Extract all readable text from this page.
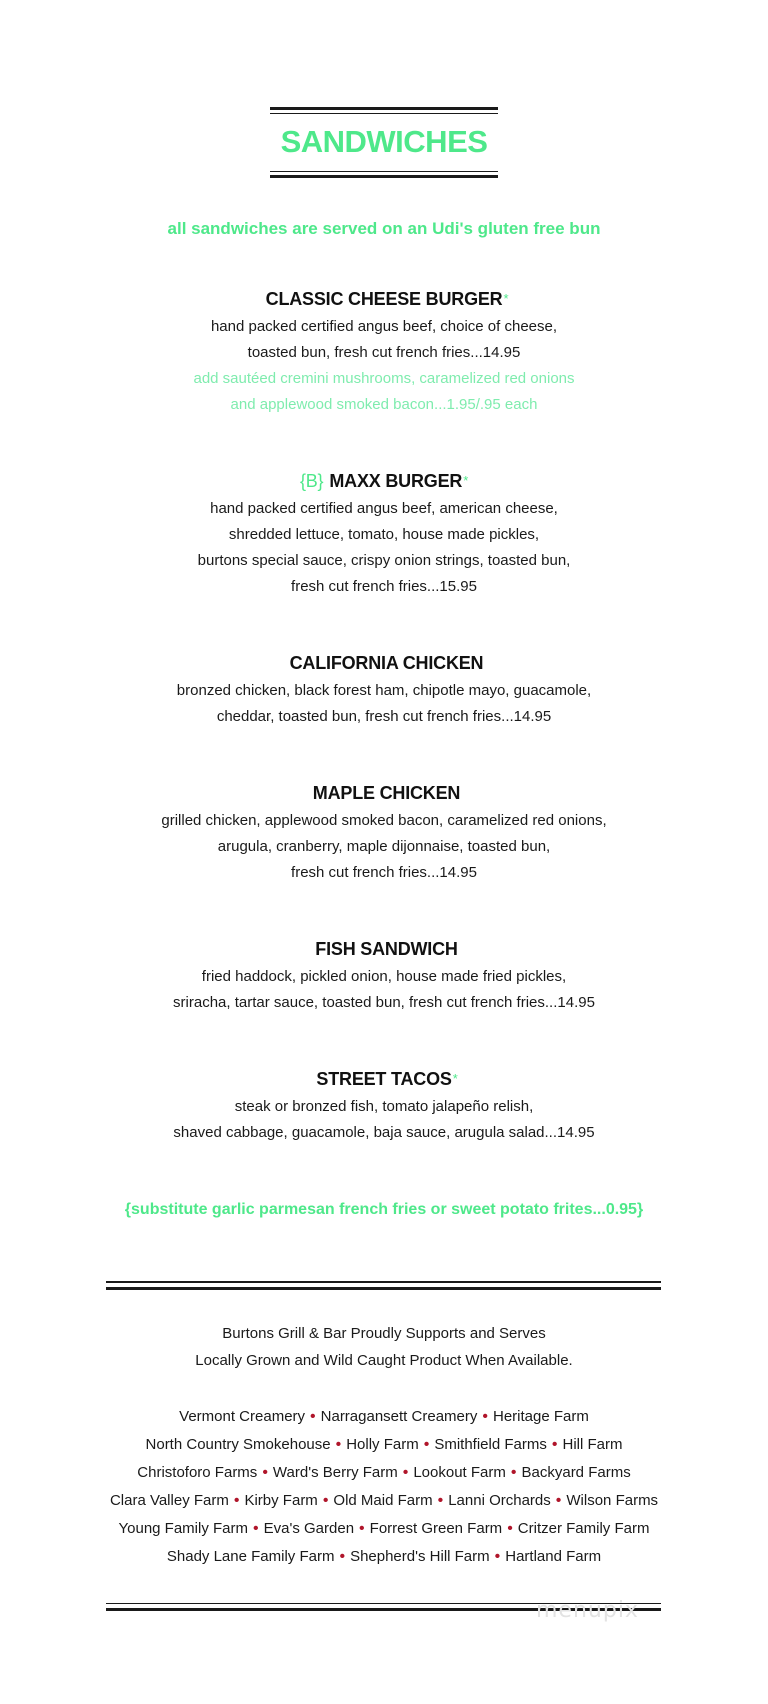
SANDWICHES
all sandwiches are served on an Udi's gluten free bun
CLASSIC CHEESE BURGER*
hand packed certified angus beef, choice of cheese,
toasted bun, fresh cut french fries...14.95
add sautéed cremini mushrooms, caramelized red onions
and applewood smoked bacon...1.95/.95 each
{B} MAXX BURGER*
hand packed certified angus beef, american cheese,
shredded lettuce, tomato, house made pickles,
burtons special sauce, crispy onion strings, toasted bun,
fresh cut french fries...15.95
CALIFORNIA CHICKEN
bronzed chicken, black forest ham, chipotle mayo, guacamole,
cheddar, toasted bun, fresh cut french fries...14.95
MAPLE CHICKEN
grilled chicken, applewood smoked bacon, caramelized red onions,
arugula, cranberry, maple dijonnaise, toasted bun,
fresh cut french fries...14.95
FISH SANDWICH
fried haddock, pickled onion, house made fried pickles,
sriracha, tartar sauce, toasted bun, fresh cut french fries...14.95
STREET TACOS*
steak or bronzed fish, tomato jalapeño relish,
shaved cabbage, guacamole, baja sauce, arugula salad...14.95
{substitute garlic parmesan french fries or sweet potato frites...0.95}
Burtons Grill & Bar Proudly Supports and Serves
Locally Grown and Wild Caught Product When Available.
Vermont Creamery • Narragansett Creamery • Heritage Farm
North Country Smokehouse • Holly Farm • Smithfield Farms • Hill Farm
Christoforo Farms • Ward's Berry Farm • Lookout Farm • Backyard Farms
Clara Valley Farm • Kirby Farm • Old Maid Farm • Lanni Orchards • Wilson Farms
Young Family Farm • Eva's Garden • Forrest Green Farm • Critzer Family Farm
Shady Lane Family Farm • Shepherd's Hill Farm • Hartland Farm
menupix
